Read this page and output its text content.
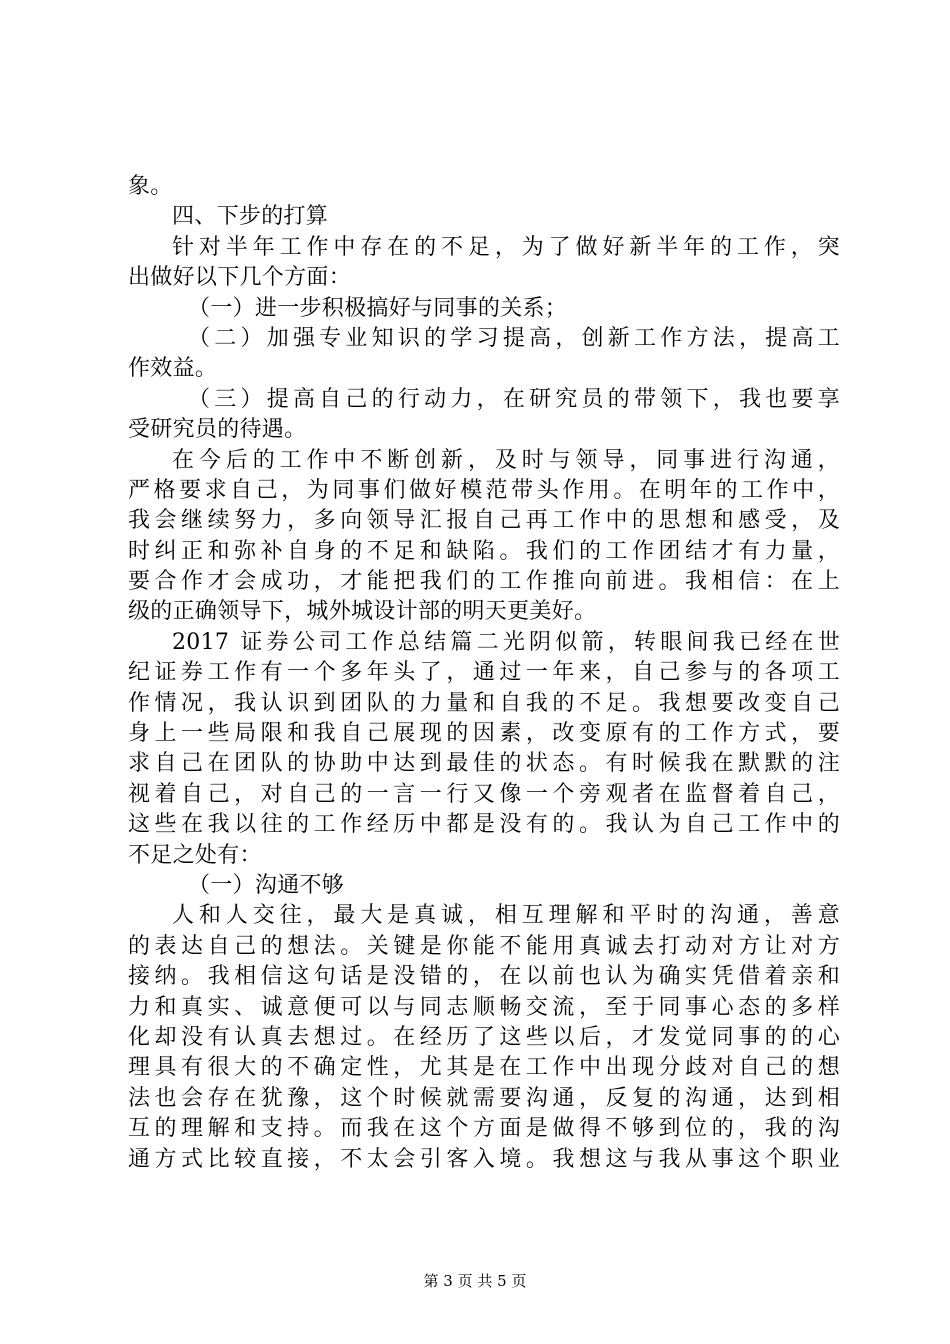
象。
四、下步的打算
针对半年工作中存在的不足，为了做好新半年的工作，突
出做好以下几个方面：
（一）进一步积极搞好与同事的关系；
（二）加强专业知识的学习提高，创新工作方法，提高工
作效益。
（三）提高自己的行动力，在研究员的带领下，我也要享
受研究员的待遇。
在今后的工作中不断创新，及时与领导，同事进行沟通，
严格要求自己，为同事们做好模范带头作用。在明年的工作中，
我会继续努力，多向领导汇报自己再工作中的思想和感受，及
时纠正和弥补自身的不足和缺陷。我们的工作团结才有力量，
要合作才会成功，才能把我们的工作推向前进。我相信：在上
级的正确领导下，城外城设计部的明天更美好。
2017 证券公司工作总结篇二光阴似箭，转眼间我已经在世
纪证券工作有一个多年头了，通过一年来，自己参与的各项工
作情况，我认识到团队的力量和自我的不足。我想要改变自己
身上一些局限和我自己展现的因素，改变原有的工作方式，要
求自己在团队的协助中达到最佳的状态。有时候我在默默的注
视着自己，对自己的一言一行又像一个旁观者在监督着自己，
这些在我以往的工作经历中都是没有的。我认为自己工作中的
不足之处有：
（一）沟通不够
人和人交往，最大是真诚，相互理解和平时的沟通，善意
的表达自己的想法。关键是你能不能用真诚去打动对方让对方
接纳。我相信这句话是没错的，在以前也认为确实凭借着亲和
力和真实、诚意便可以与同志顺畅交流，至于同事心态的多样
化却没有认真去想过。在经历了这些以后，才发觉同事的的心
理具有很大的不确定性，尤其是在工作中出现分歧对自己的想
法也会存在犹豫，这个时候就需要沟通，反复的沟通，达到相
互的理解和支持。而我在这个方面是做得不够到位的，我的沟
通方式比较直接，不太会引客入境。我想这与我从事这个职业
第 3 页 共 5 页
